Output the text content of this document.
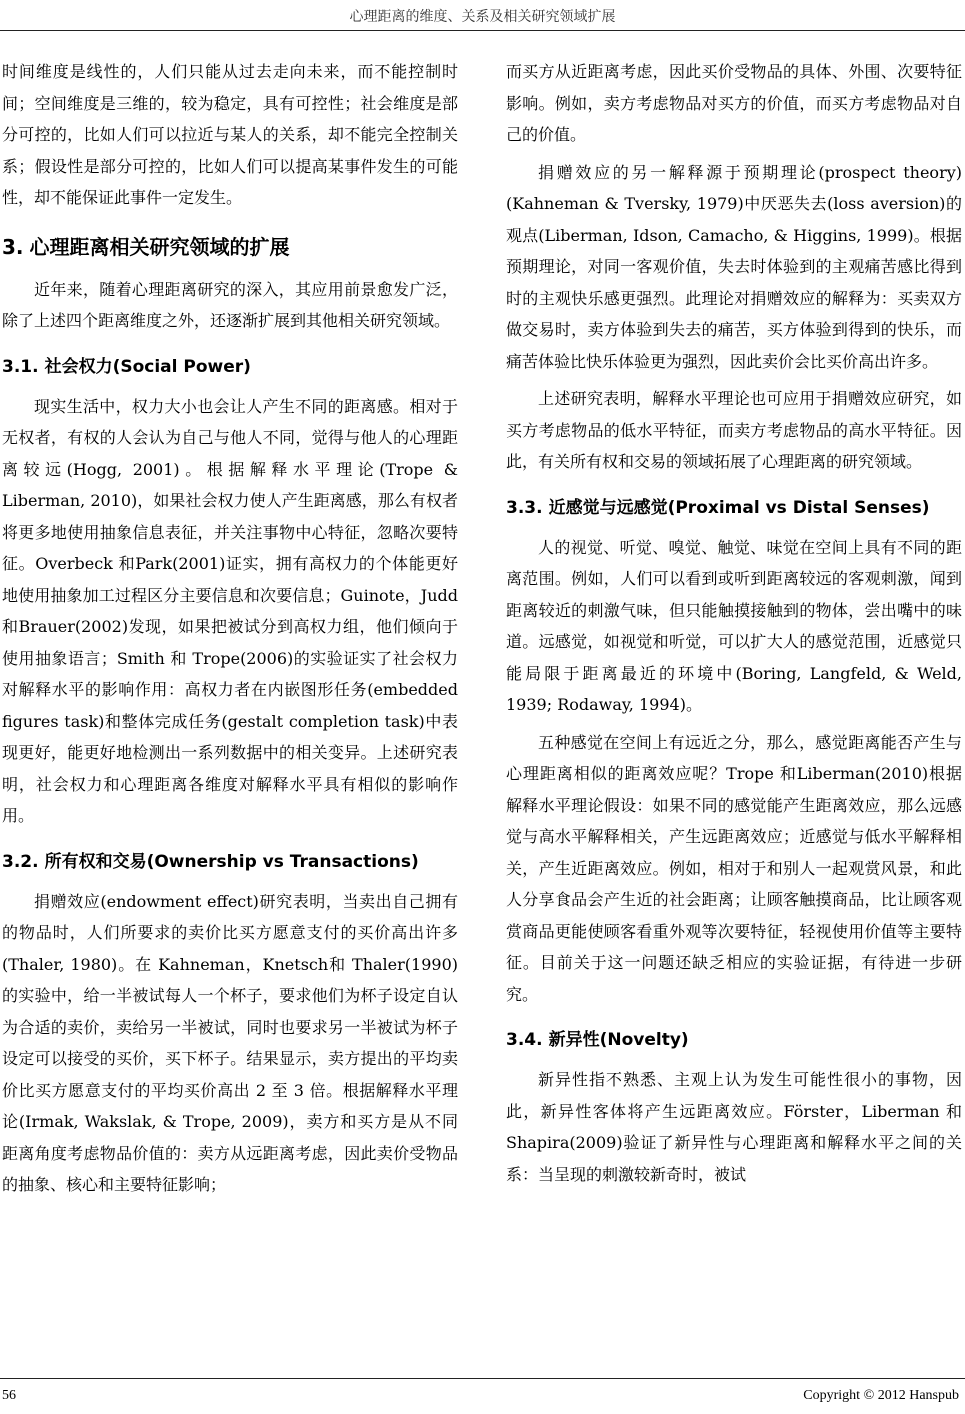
心理距离的维度、关系及相关研究领域扩展

时间维度是线性的，人们只能从过去走向未来，而不能控制时间；空间维度是三维的，较为稳定，具有可控性；社会维度是部分可控的，比如人们可以拉近与某人的关系，却不能完全控制关系；假设性是部分可控的，比如人们可以提高某事件发生的可能性，却不能保证此事件一定发生。

3. 心理距离相关研究领域的扩展

近年来，随着心理距离研究的深入，其应用前景愈发广泛，除了上述四个距离维度之外，还逐渐扩展到其他相关研究领域。

3.1. 社会权力(Social Power)

现实生活中，权力大小也会让人产生不同的距离感。相对于无权者，有权的人会认为自己与他人不同，觉得与他人的心理距离较远(Hogg, 2001)。根据解释水平理论(Trope & Liberman, 2010)，如果社会权力使人产生距离感，那么有权者将更多地使用抽象信息表征，并关注事物中心特征，忽略次要特征。Overbeck 和Park(2001)证实，拥有高权力的个体能更好地使用抽象加工过程区分主要信息和次要信息；Guinote，Judd 和Brauer(2002)发现，如果把被试分到高权力组，他们倾向于使用抽象语言；Smith 和 Trope(2006)的实验证实了社会权力对解释水平的影响作用：高权力者在内嵌图形任务(embedded figures task)和整体完成任务(gestalt completion task)中表现更好，能更好地检测出一系列数据中的相关变异。上述研究表明，社会权力和心理距离各维度对解释水平具有相似的影响作用。

3.2. 所有权和交易(Ownership vs Transactions)

捐赠效应(endowment effect)研究表明，当卖出自己拥有的物品时，人们所要求的卖价比买方愿意支付的买价高出许多(Thaler, 1980)。在 Kahneman，Knetsch和 Thaler(1990)的实验中，给一半被试每人一个杯子，要求他们为杯子设定自认为合适的卖价，卖给另一半被试，同时也要求另一半被试为杯子设定可以接受的买价，买下杯子。结果显示，卖方提出的平均卖价比买方愿意支付的平均买价高出 2 至 3 倍。根据解释水平理论(Irmak, Wakslak, & Trope, 2009)，卖方和买方是从不同距离角度考虑物品价值的：卖方从远距离考虑，因此卖价受物品的抽象、核心和主要特征影响；

而买方从近距离考虑，因此买价受物品的具体、外围、次要特征影响。例如，卖方考虑物品对买方的价值，而买方考虑物品对自己的价值。

捐赠效应的另一解释源于预期理论(prospect theory)(Kahneman & Tversky, 1979)中厌恶失去(loss aversion)的观点(Liberman, Idson, Camacho, & Higgins, 1999)。根据预期理论，对同一客观价值，失去时体验到的主观痛苦感比得到时的主观快乐感更强烈。此理论对捐赠效应的解释为：买卖双方做交易时，卖方体验到失去的痛苦，买方体验到得到的快乐，而痛苦体验比快乐体验更为强烈，因此卖价会比买价高出许多。

上述研究表明，解释水平理论也可应用于捐赠效应研究，如买方考虑物品的低水平特征，而卖方考虑物品的高水平特征。因此，有关所有权和交易的领域拓展了心理距离的研究领域。

3.3. 近感觉与远感觉(Proximal vs Distal Senses)

人的视觉、听觉、嗅觉、触觉、味觉在空间上具有不同的距离范围。例如，人们可以看到或听到距离较远的客观刺激，闻到距离较近的刺激气味，但只能触摸接触到的物体，尝出嘴中的味道。远感觉，如视觉和听觉，可以扩大人的感觉范围，近感觉只能局限于距离最近的环境中(Boring, Langfeld, & Weld, 1939; Rodaway, 1994)。

五种感觉在空间上有远近之分，那么，感觉距离能否产生与心理距离相似的距离效应呢？Trope 和Liberman(2010)根据解释水平理论假设：如果不同的感觉能产生距离效应，那么远感觉与高水平解释相关，产生远距离效应；近感觉与低水平解释相关，产生近距离效应。例如，相对于和别人一起观赏风景，和此人分享食品会产生近的社会距离；让顾客触摸商品，比让顾客观赏商品更能使顾客看重外观等次要特征，轻视使用价值等主要特征。目前关于这一问题还缺乏相应的实验证据，有待进一步研究。

3.4. 新异性(Novelty)

新异性指不熟悉、主观上认为发生可能性很小的事物，因此，新异性客体将产生远距离效应。Förster，Liberman 和 Shapira(2009)验证了新异性与心理距离和解释水平之间的关系：当呈现的刺激较新奇时，被试

56	Copyright © 2012 Hanspub
